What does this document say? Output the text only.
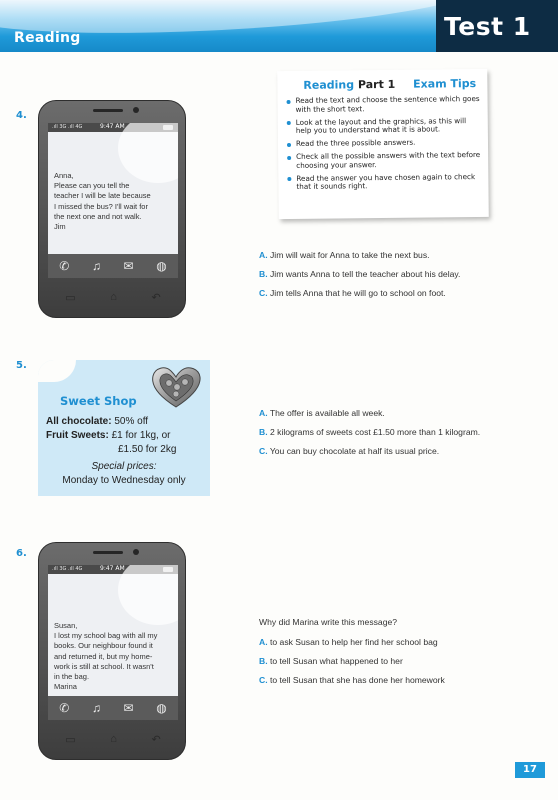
Reading	Test 1
4.
.ıll 3G .ıll 4G	9:47 AM
Anna,
Please can you tell the
teacher I will be late because
I missed the bus? I'll wait for
the next one and not walk.
Jim
✆ ♫ ✉ ◍
▭	⌂	↶
Reading Part 1 Exam Tips
Read the text and choose the sentence which goes with the short text.
Look at the layout and the graphics, as this will help you to understand what it is about.
Read the three possible answers.
Check all the possible answers with the text before choosing your answer.
Read the answer you have chosen again to check that it sounds right.
A. Jim will wait for Anna to take the next bus.
B. Jim wants Anna to tell the teacher about his delay.
C. Jim tells Anna that he will go to school on foot.
5.
Sweet Shop
All chocolate: 50% off
Fruit Sweets: £1 for 1kg, or
£1.50 for 2kg
Special prices:
Monday to Wednesday only
A. The offer is available all week.
B. 2 kilograms of sweets cost £1.50 more than 1 kilogram.
C. You can buy chocolate at half its usual price.
6.
.ıll 3G .ıll 4G	9:47 AM
Susan,
I lost my school bag with all my
books. Our neighbour found it
and returned it, but my home-
work is still at school. It wasn't
in the bag.
Marina
✆ ♫ ✉ ◍
▭	⌂	↶
Why did Marina write this message?
A. to ask Susan to help her find her school bag
B. to tell Susan what happened to her
C. to tell Susan that she has done her homework
17
